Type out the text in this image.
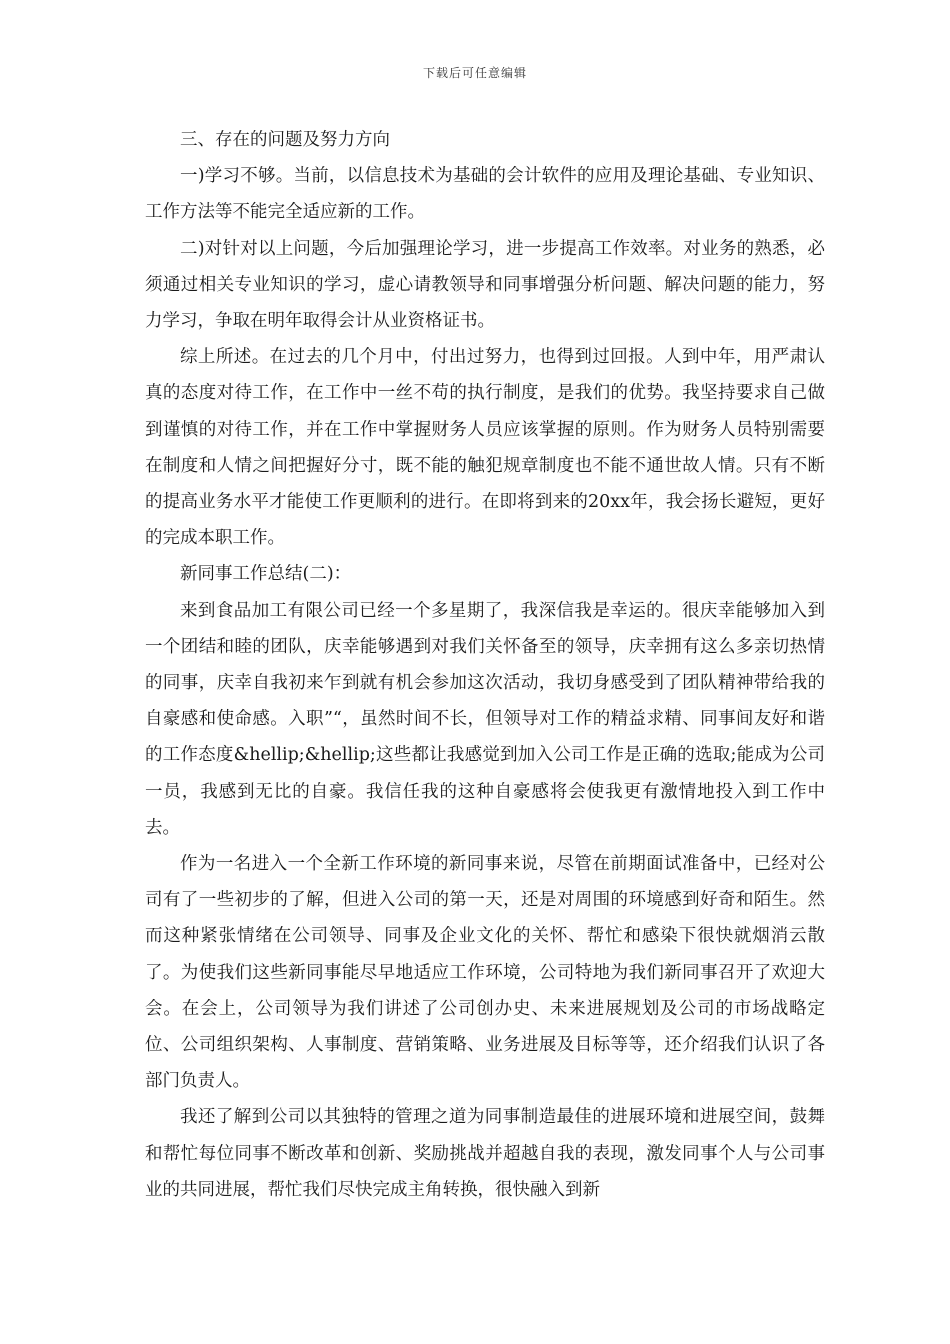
下载后可任意编辑

三、存在的问题及努力方向

一)学习不够。当前，以信息技术为基础的会计软件的应用及理论基础、专业知识、工作方法等不能完全适应新的工作。

二)对针对以上问题，今后加强理论学习，进一步提高工作效率。对业务的熟悉，必须通过相关专业知识的学习，虚心请教领导和同事增强分析问题、解决问题的能力，努力学习，争取在明年取得会计从业资格证书。

综上所述。在过去的几个月中，付出过努力，也得到过回报。人到中年，用严肃认真的态度对待工作，在工作中一丝不苟的执行制度，是我们的优势。我坚持要求自己做到谨慎的对待工作，并在工作中掌握财务人员应该掌握的原则。作为财务人员特别需要在制度和人情之间把握好分寸，既不能的触犯规章制度也不能不通世故人情。只有不断的提高业务水平才能使工作更顺利的进行。在即将到来的20xx年，我会扬长避短，更好的完成本职工作。

新同事工作总结(二)：

来到食品加工有限公司已经一个多星期了，我深信我是幸运的。很庆幸能够加入到一个团结和睦的团队，庆幸能够遇到对我们关怀备至的领导，庆幸拥有这么多亲切热情的同事，庆幸自我初来乍到就有机会参加这次活动，我切身感受到了团队精神带给我的自豪感和使命感。入职”“，虽然时间不长，但领导对工作的精益求精、同事间友好和谐的工作态度&hellip;&hellip;这些都让我感觉到加入公司工作是正确的选取;能成为公司一员，我感到无比的自豪。我信任我的这种自豪感将会使我更有激情地投入到工作中去。

作为一名进入一个全新工作环境的新同事来说，尽管在前期面试准备中，已经对公司有了一些初步的了解，但进入公司的第一天，还是对周围的环境感到好奇和陌生。然而这种紧张情绪在公司领导、同事及企业文化的关怀、帮忙和感染下很快就烟消云散了。为使我们这些新同事能尽早地适应工作环境，公司特地为我们新同事召开了欢迎大会。在会上，公司领导为我们讲述了公司创办史、未来进展规划及公司的市场战略定位、公司组织架构、人事制度、营销策略、业务进展及目标等等，还介绍我们认识了各部门负责人。

我还了解到公司以其独特的管理之道为同事制造最佳的进展环境和进展空间，鼓舞和帮忙每位同事不断改革和创新、奖励挑战并超越自我的表现，激发同事个人与公司事业的共同进展，帮忙我们尽快完成主角转换，很快融入到新
